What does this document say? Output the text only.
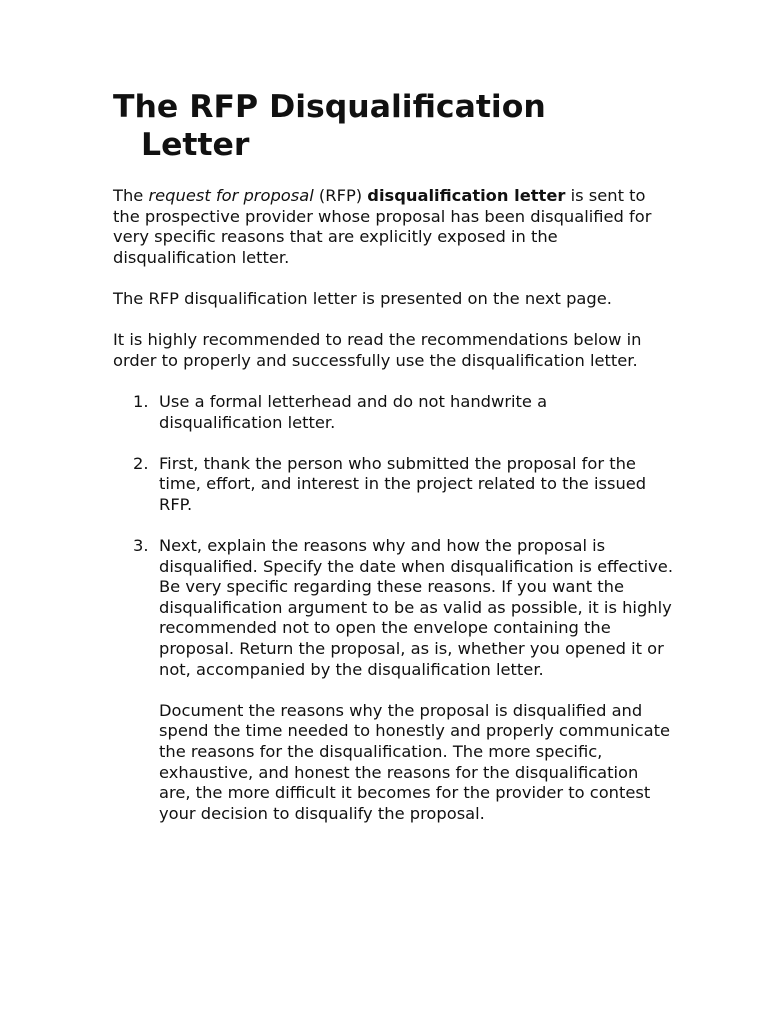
The RFP Disqualification
Letter

The request for proposal (RFP) disqualification letter is sent to the prospective provider whose proposal has been disqualified for very specific reasons that are explicitly exposed in the disqualification letter.

The RFP disqualification letter is presented on the next page.

It is highly recommended to read the recommendations below in order to properly and successfully use the disqualification letter.

1. Use a formal letterhead and do not handwrite a disqualification letter.

2. First, thank the person who submitted the proposal for the time, effort, and interest in the project related to the issued RFP.

3. Next, explain the reasons why and how the proposal is disqualified. Specify the date when disqualification is effective. Be very specific regarding these reasons. If you want the disqualification argument to be as valid as possible, it is highly recommended not to open the envelope containing the proposal. Return the proposal, as is, whether you opened it or not, accompanied by the disqualification letter.

Document the reasons why the proposal is disqualified and spend the time needed to honestly and properly communicate the reasons for the disqualification. The more specific, exhaustive, and honest the reasons for the disqualification are, the more difficult it becomes for the provider to contest your decision to disqualify the proposal.
